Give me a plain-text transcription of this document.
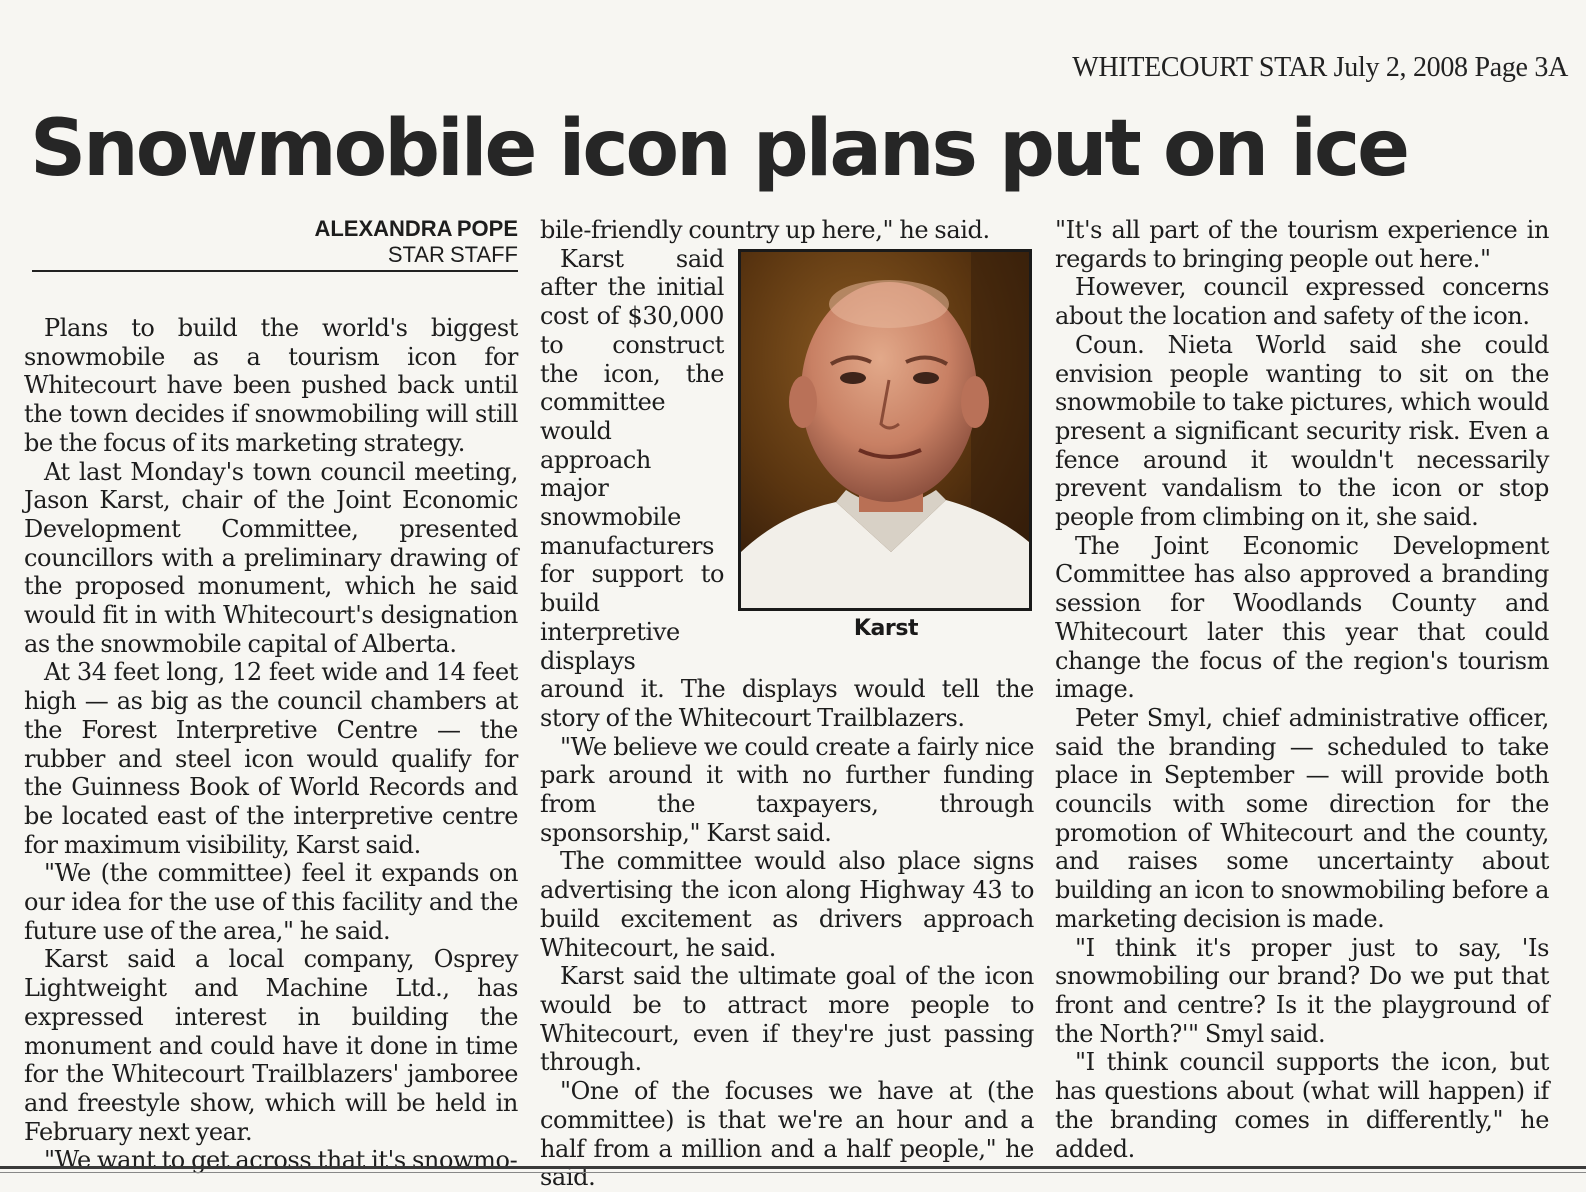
WHITECOURT STAR July 2, 2008 Page 3A
Snowmobile icon plans put on ice
ALEXANDRA POPE
STAR STAFF

Plans to build the world's biggest snowmobile as a tourism icon for Whitecourt have been pushed back until the town decides if snowmobiling will still be the focus of its marketing strategy.

At last Monday's town council meeting, Jason Karst, chair of the Joint Economic Development Committee, presented councillors with a preliminary drawing of the proposed monument, which he said would fit in with Whitecourt's designation as the snowmobile capital of Alberta.

At 34 feet long, 12 feet wide and 14 feet high — as big as the council chambers at the Forest Interpretive Centre — the rubber and steel icon would qualify for the Guinness Book of World Records and be located east of the interpretive centre for maximum visibility, Karst said.

"We (the committee) feel it expands on our idea for the use of this facility and the future use of the area," he said.

Karst said a local company, Osprey Lightweight and Machine Ltd., has expressed interest in building the monument and could have it done in time for the Whitecourt Trailblazers' jamboree and freestyle show, which will be held in February next year.

"We want to get across that it's snowmo-

bile-friendly country up here," he said.

Karst

Karst said after the initial cost of $30,000 to construct the icon, the committee would approach major snowmobile manufacturers for support to build interpretive displays around it. The displays would tell the story of the Whitecourt Trailblazers.

"We believe we could create a fairly nice park around it with no further funding from the taxpayers, through sponsorship," Karst said.

The committee would also place signs advertising the icon along Highway 43 to build excitement as drivers approach Whitecourt, he said.

Karst said the ultimate goal of the icon would be to attract more people to Whitecourt, even if they're just passing through.

"One of the focuses we have at (the committee) is that we're an hour and a half from a million and a half people," he said.

"It's all part of the tourism experience in regards to bringing people out here."

However, council expressed concerns about the location and safety of the icon.

Coun. Nieta World said she could envision people wanting to sit on the snowmobile to take pictures, which would present a significant security risk. Even a fence around it wouldn't necessarily prevent vandalism to the icon or stop people from climbing on it, she said.

The Joint Economic Development Committee has also approved a branding session for Woodlands County and Whitecourt later this year that could change the focus of the region's tourism image.

Peter Smyl, chief administrative officer, said the branding — scheduled to take place in September — will provide both councils with some direction for the promotion of Whitecourt and the county, and raises some uncertainty about building an icon to snowmobiling before a marketing decision is made.

"I think it's proper just to say, 'Is snowmobiling our brand? Do we put that front and centre? Is it the playground of the North?'" Smyl said.

"I think council supports the icon, but has questions about (what will happen) if the branding comes in differently," he added.
